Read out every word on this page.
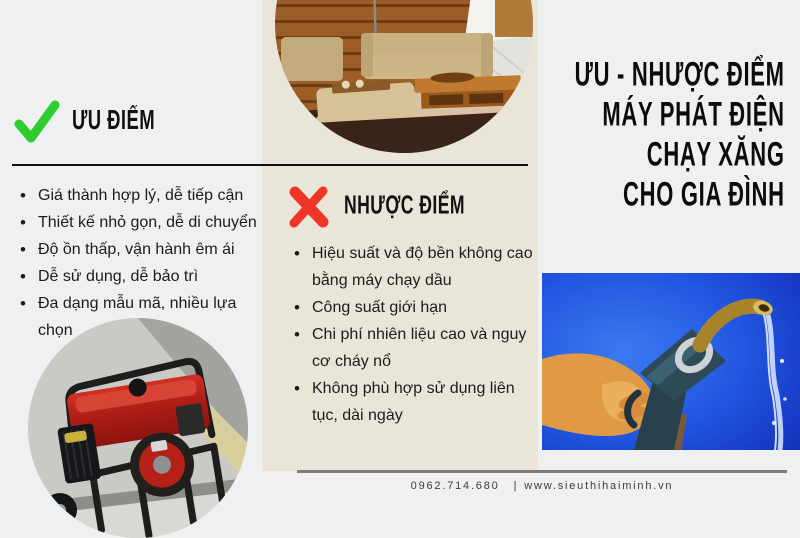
ƯU ĐIỂM
• Giá thành hợp lý, dễ tiếp cận
• Thiết kế nhỏ gọn, dễ di chuyển
• Độ ồn thấp, vận hành êm ái
• Dễ sử dụng, dễ bảo trì
• Đa dạng mẫu mã, nhiều lựa chọn
NHƯỢC ĐIỂM
• Hiệu suất và độ bền không cao bằng máy chạy dầu
• Công suất giới hạn
• Chi phí nhiên liệu cao và nguy cơ cháy nổ
• Không phù hợp sử dụng liên tục, dài ngày
ƯU - NHƯỢC ĐIỂM
MÁY PHÁT ĐIỆN
CHẠY XĂNG
CHO GIA ĐÌNH
0962.714.680 | www.sieuthihaiminh.vn
